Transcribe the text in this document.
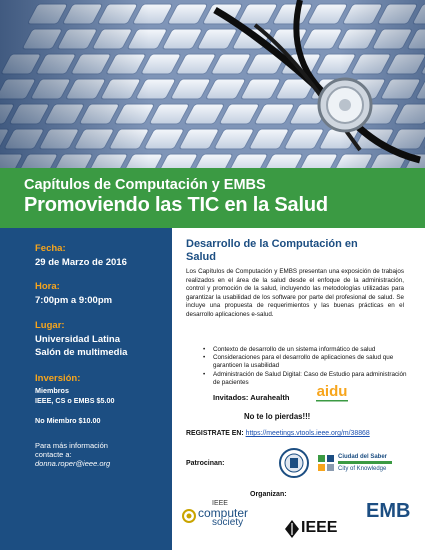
Capítulos de Computación y EMBS
Promoviendo las TIC en la Salud
Fecha:
29 de Marzo de 2016
Hora:
7:00pm a 9:00pm
Lugar:
Universidad Latina
Salón de multimedia
Inversión:
Miembros
IEEE, CS o EMBS $5.00
No Miembro $10.00
Para más información
contacte a:
donna.roper@ieee.org
Desarrollo de la Computación en
Salud

Los Capítulos de Computación y EMBS presentan una exposición de trabajos realizados en el área de la salud desde el enfoque de la administración, control y promoción de la salud, incluyendo las metodologías utilizadas para garantizar la usabilidad de los software por parte del profesional de salud. Se incluye una propuesta de requerimientos y las buenas prácticas en el desarrollo aplicaciones e-salud.

• Contexto de desarrollo de un sistema informático de salud
• Consideraciones para el desarrollo de aplicaciones de salud que garanticen la usabilidad
• Administración de Salud Digital: Caso de Estudio para administración de pacientes
Invitados: Aurahealth aidu
No te lo pierdas!!!
REGISTRATE EN: https://meetings.vtools.ieee.org/m/38868
Patrocinan:
Ciudad del Saber
City of Knowledge
Organizan:
IEEE
computer
society	IEEE
EMB
